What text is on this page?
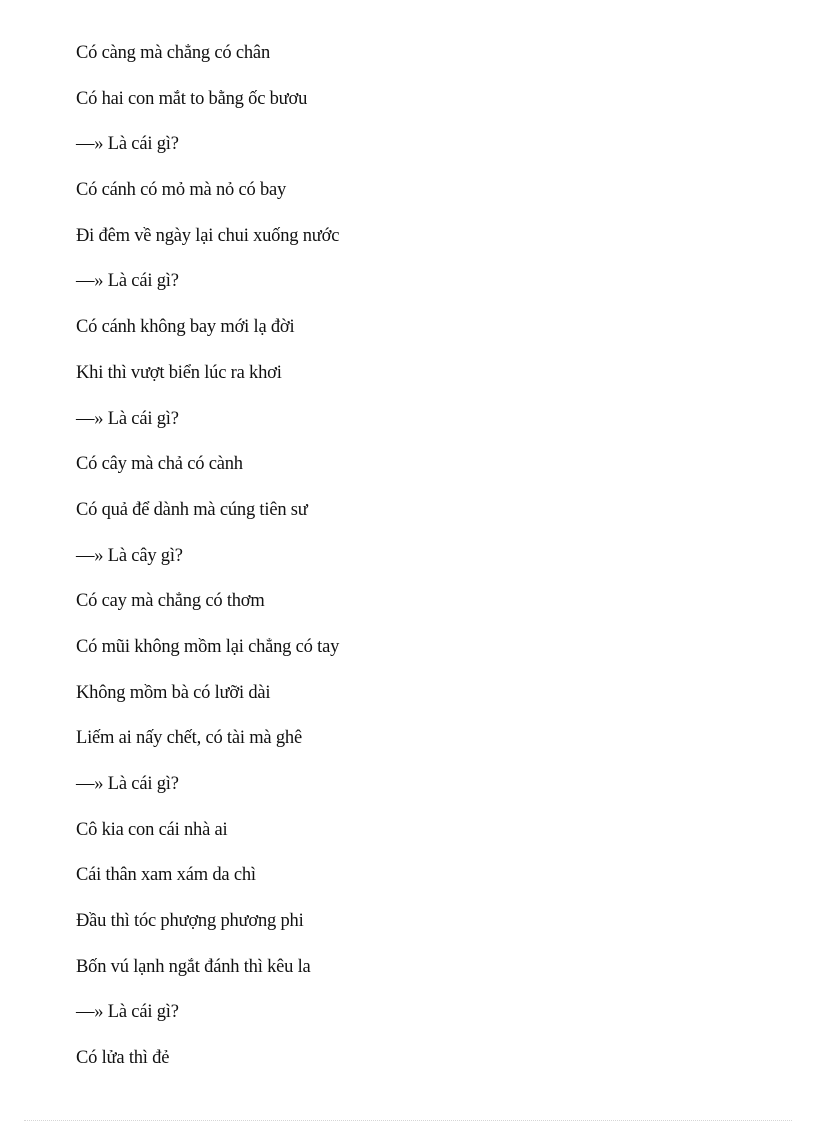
Có càng mà chẳng có chân
Có hai con mắt to bằng ốc bươu
—» Là cái gì?
Có cánh có mỏ mà nỏ có bay
Đi đêm về ngày lại chui xuống nước
—» Là cái gì?
Có cánh không bay mới lạ đời
Khi thì vượt biển lúc ra khơi
—» Là cái gì?
Có cây mà chả có cành
Có quả để dành mà cúng tiên sư
—» Là cây gì?
Có cay mà chẳng có thơm
Có mũi không mồm lại chẳng có tay
Không mồm bà có lưỡi dài
Liếm ai nấy chết, có tài mà ghê
—» Là cái gì?
Cô kia con cái nhà ai
Cái thân xam xám da chì
Đầu thì tóc phượng phương phi
Bốn vú lạnh ngắt đánh thì kêu la
—» Là cái gì?
Có lửa thì đẻ
